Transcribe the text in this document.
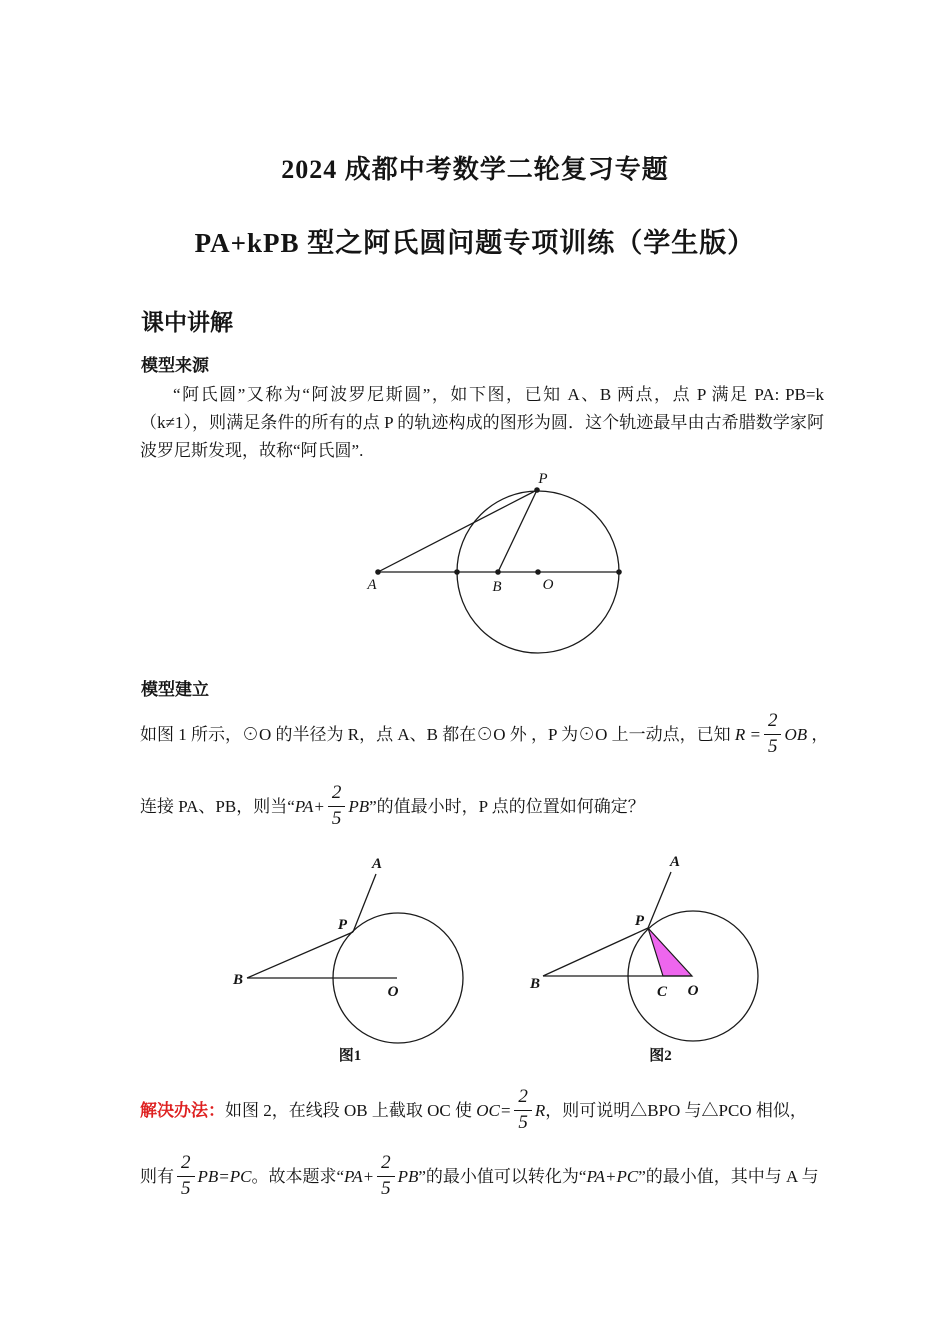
2024 成都中考数学二轮复习专题
PA+kPB 型之阿氏圆问题专项训练（学生版）
课中讲解
模型来源
“阿氏圆”又称为“阿波罗尼斯圆”，如下图，已知 A、B 两点，点 P 满足 PA: PB=k（k≠1），则满足条件的所有的点 P 的轨迹构成的图形为圆．这个轨迹最早由古希腊数学家阿波罗尼斯发现，故称“阿氏圆”.
A	B	O
P
模型建立
如图 1 所示，⊙O 的半径为 R，点 A、B 都在⊙O 外 ，P 为⊙O 上一动点，已知 $R = \frac{2}{5}$ OB ，
连接 PA、PB，则当“$PA+ \frac{2}{5}$ PB”的值最小时，P 点的位置如何确定？
B
O
P
A
图1
B	C O
P
A
图2
解决办法：如图 2，在线段 OB 上截取 OC 使 $OC= \frac{2}{5}$ R，则可说明△BPO 与△PCO 相似，
则有 $\frac{2}{5} PB=PC$。故本题求“$PA+ \frac{2}{5}$ PB”的最小值可以转化为“PA+PC”的最小值，其中与 A 与
